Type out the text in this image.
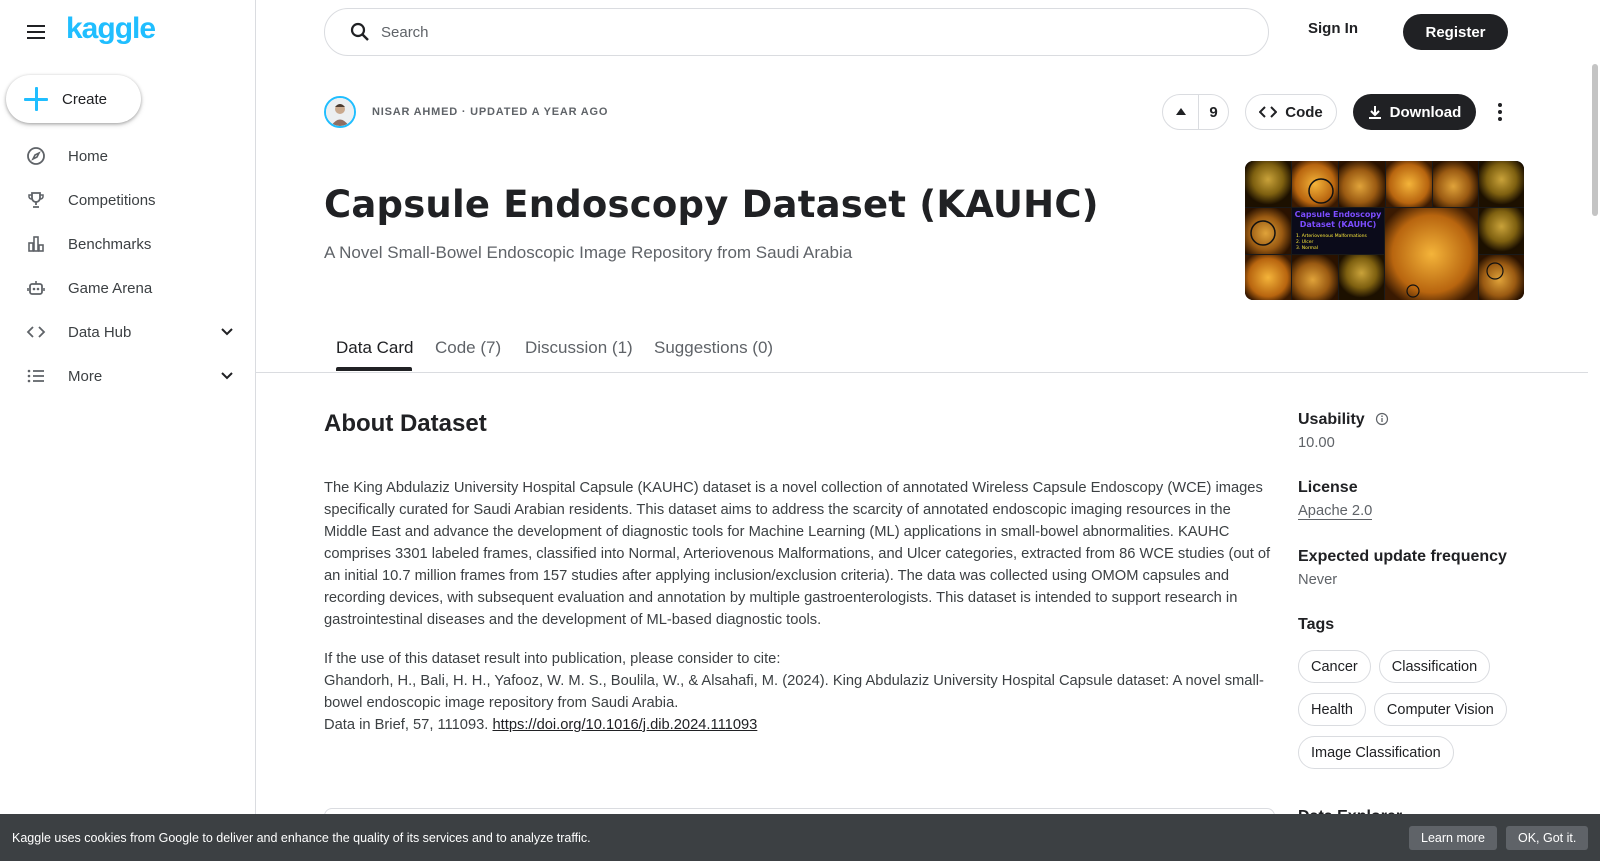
kaggle
Create
Home
Competitions
Benchmarks
Game Arena
Data Hub
More
Search
Sign In	Register
NISAR AHMED · UPDATED A YEAR AGO	9	Code	Download
Capsule Endoscopy Dataset (KAUHC)
A Novel Small-Bowel Endoscopic Image Repository from Saudi Arabia
Capsule Endoscopy
Dataset (KAUHC)
1. Arteriovenous Malformations
2. Ulcer
3. Normal
Data Card Code (7) Discussion (1) Suggestions (0)
About Dataset
The King Abdulaziz University Hospital Capsule (KAUHC) dataset is a novel collection of annotated Wireless Capsule Endoscopy (WCE) images specifically curated for Saudi Arabian residents. This dataset aims to address the scarcity of annotated endoscopic imaging resources in the Middle East and advance the development of diagnostic tools for Machine Learning (ML) applications in small-bowel abnormalities. KAUHC comprises 3301 labeled frames, classified into Normal, Arteriovenous Malformations, and Ulcer categories, extracted from 86 WCE studies (out of an initial 10.7 million frames from 157 studies after applying inclusion/exclusion criteria). The data was collected using OMOM capsules and recording devices, with subsequent evaluation and annotation by multiple gastroenterologists. This dataset is intended to support research in gastrointestinal diseases and the development of ML-based diagnostic tools.
If the use of this dataset result into publication, please consider to cite:
Ghandorh, H., Bali, H. H., Yafooz, W. M. S., Boulila, W., & Alsahafi, M. (2024). King Abdulaziz University Hospital Capsule dataset: A novel small-bowel endoscopic image repository from Saudi Arabia.
Data in Brief, 57, 111093. https://doi.org/10.1016/j.dib.2024.111093
Usability
10.00
License
Apache 2.0
Expected update frequency
Never
Tags
Cancer	Classification
Health	Computer Vision
Image Classification
Kaggle uses cookies from Google to deliver and enhance the quality of its services and to analyze traffic.	Learn more	OK, Got it.
